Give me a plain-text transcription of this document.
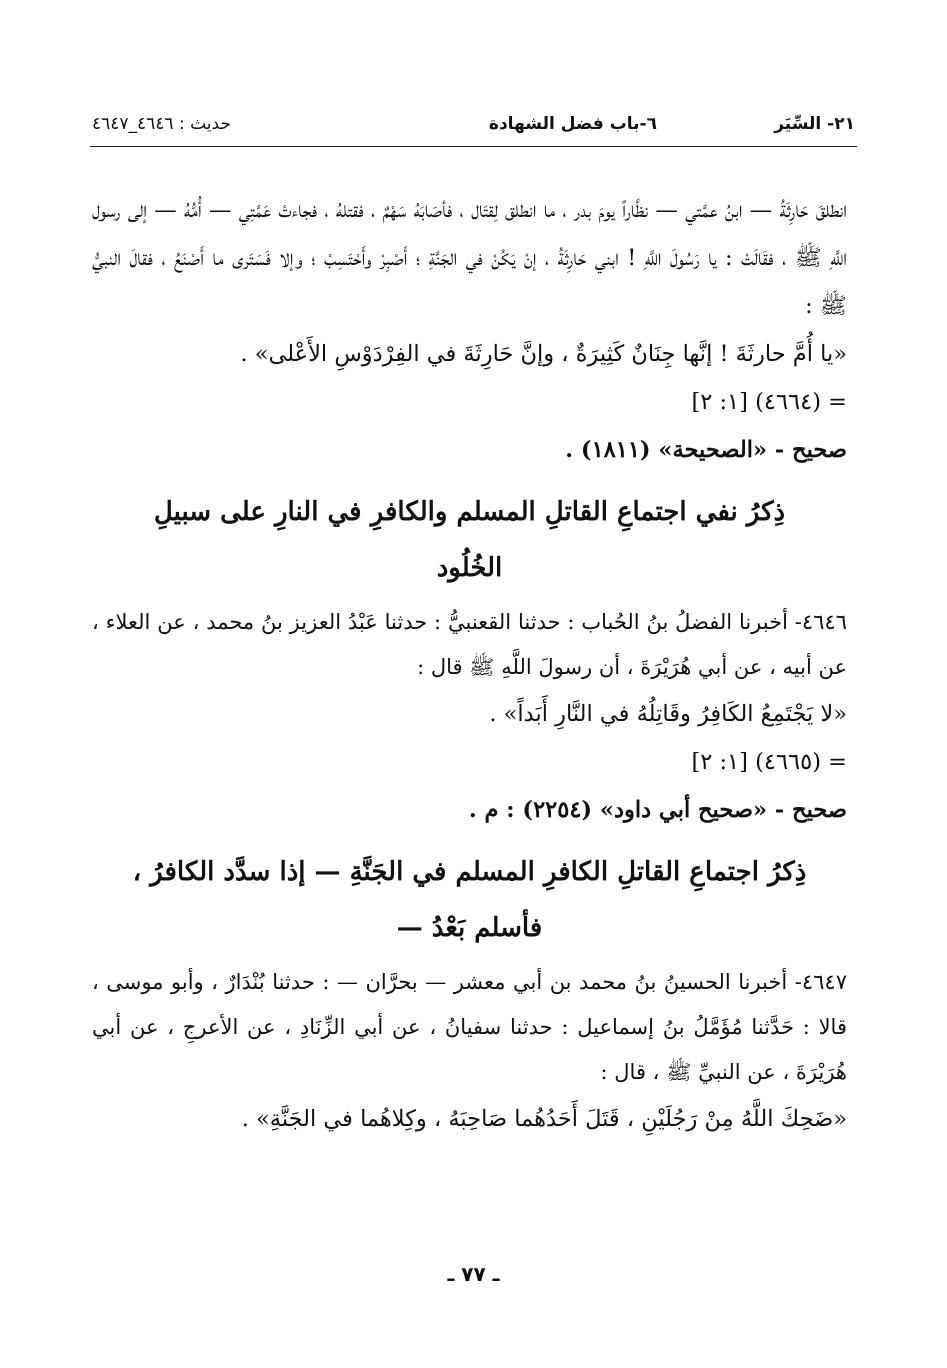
٢١- السِّيَر
٦-باب فضل الشهادة
حديث : ٤٦٤٦_٤٦٤٧

انطلقَ حَارِثَةُ — ابنُ عمَّتي — نظَّاراً يومَ بدر ، ما انطلق لِقتَال ، فأصَابَهُ سَهْمٌ ، فقتلهُ ، فجاءتْ عَمَّتِي — أُمُّهُ — إلى رسول اللَّهِ ﷺ ، فقَالَتْ : يا رَسُولَ اللَّهِ ! ابني حَارِثَةُ ، إنْ يَكُنْ في الجَنَّةِ ؛ أَصْبِرْ وأَحْتَسِبْ ؛ وإلا فَسَتَرى ما أَصْنَعُ ، فقالَ النبيُّ ﷺ :

«يا أُمَّ حارثَةَ ! إنَّها جِنَانٌ كَثِيرَةٌ ، وإنَّ حَارِثَةَ في الفِرْدَوْسِ الأَعْلى» .

= (٤٦٦٤) [١: ٢]

صحيح - «الصحيحة» (١٨١١) .

ذِكرُ نفي اجتماعِ القاتلِ المسلم والكافرِ في النارِ على سبيلِ الخُلُود

٤٦٤٦- أخبرنا الفضلُ بنُ الحُباب : حدثنا القعنبيُّ : حدثنا عَبْدُ العزيز بنُ محمد ، عن العلاء ، عن أبيه ، عن أبي هُرَيْرَةَ ، أن رسولَ اللَّهِ ﷺ قال :

«لا يَجْتَمِعُ الكَافِرُ وقَاتِلُهُ في النَّارِ أَبَداً» .

= (٤٦٦٥) [١: ٢]

صحيح - «صحيح أبي داود» (٢٢٥٤) : م .

ذِكرُ اجتماعِ القاتلِ الكافرِ المسلم في الجَنَّةِ — إذا سدَّد الكافرُ ، فأسلم بَعْدُ —

٤٦٤٧- أخبرنا الحسينُ بنُ محمد بن أبي معشر — بحرَّان — : حدثنا بُنْدَارٌ ، وأبو موسى ، قالا : حَدَّثنا مُؤَمَّلُ بنُ إسماعيل : حدثنا سفيانُ ، عن أبي الزِّنَادِ ، عن الأعرجِ ، عن أبي هُرَيْرَةَ ، عن النبيِّ ﷺ ، قال :

«ضَحِكَ اللَّهُ مِنْ رَجُلَيْنِ ، قَتَلَ أَحَدُهُما صَاحِبَهُ ، وكِلاهُما في الجَنَّةِ» .

ـ ٧٧ ـ
